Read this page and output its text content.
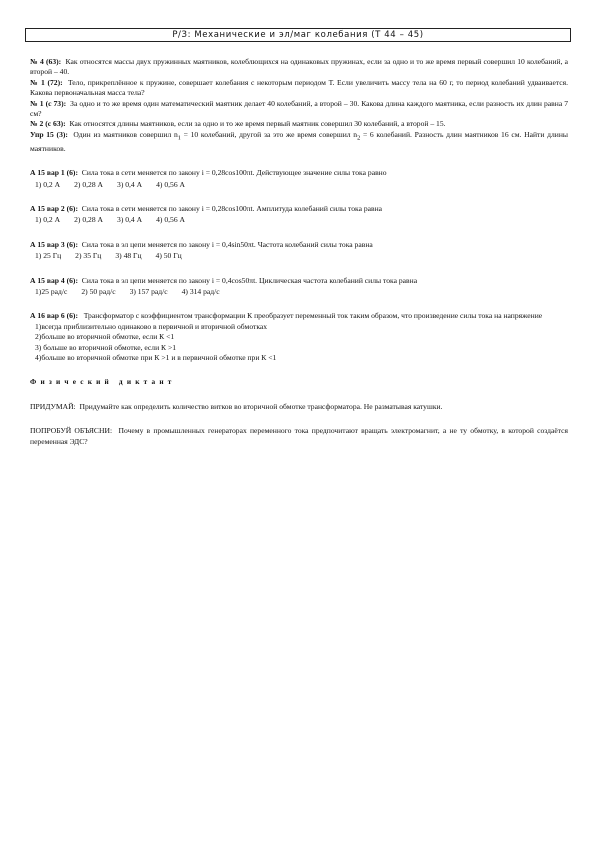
Р/З: Механические и эл/маг колебания (Т 44 – 45)

№ 4 (63): Как относятся массы двух пружинных маятников, колеблющихся на одинаковых пружинах, если за одно и то же время первый совершил 10 колебаний, а второй – 40.

№ 1 (72): Тело, прикреплённое к пружине, совершает колебания с некоторым периодом Т. Если увеличить массу тела на 60 г, то период колебаний удваивается. Какова первоначальная масса тела?

№ 1 (с 73): За одно и то же время один математический маятник делает 40 колебаний, а второй – 30. Какова длина каждого маятника, если разность их длин равна 7 см?

№ 2 (с 63): Как относятся длины маятников, если за одно и то же время первый маятник совершил 30 колебаний, а второй – 15.

Упр 15 (3): Один из маятников совершил $n_1 = 10$ колебаний, другой за это же время совершил $n_2 = 6$ колебаний. Разность длин маятников 16 см. Найти длины маятников.

А 15 вар 1 (6): Сила тока в сети меняется по закону i = 0,28cos100πt. Действующее значение силы тока равно

1) 0,2 А 2) 0,28 А 3) 0,4 А 4) 0,56 А

А 15 вар 2 (6): Сила тока в сети меняется по закону i = 0,28cos100πt. Амплитуда колебаний силы тока равна

1) 0,2 А 2) 0,28 А 3) 0,4 А 4) 0,56 А

А 15 вар 3 (6): Сила тока в эл цепи меняется по закону i = 0,4sin50πt. Частота колебаний силы тока равна

1) 25 Гц 2) 35 Гц 3) 48 Гц 4) 50 Гц

А 15 вар 4 (6): Сила тока в эл цепи меняется по закону i = 0,4cos50πt. Циклическая частота колебаний силы тока равна

1)25 рад/с 2) 50 рад/с 3) 157 рад/с 4) 314 рад/с

А 16 вар 6 (6): Трансформатор с коэффициентом трансформации К преобразует переменный ток таким образом, что произведение силы тока на напряжение

1)всегда приблизительно одинаково в первичной и вторичной обмотках

2)больше во вторичной обмотке, если К <1

3) больше во вторичной обмотке, если К >1

4)больше во вторичной обмотке при К >1 и в первичной обмотке при К <1

Физический диктант

ПРИДУМАЙ: Придумайте как определить количество витков во вторичной обмотке трансформатора. Не разматывая катушки.

ПОПРОБУЙ ОБЪЯСНИ: Почему в промышленных генераторах переменного тока предпочитают вращать электромагнит, а не ту обмотку, в которой создаётся переменная ЭДС?
